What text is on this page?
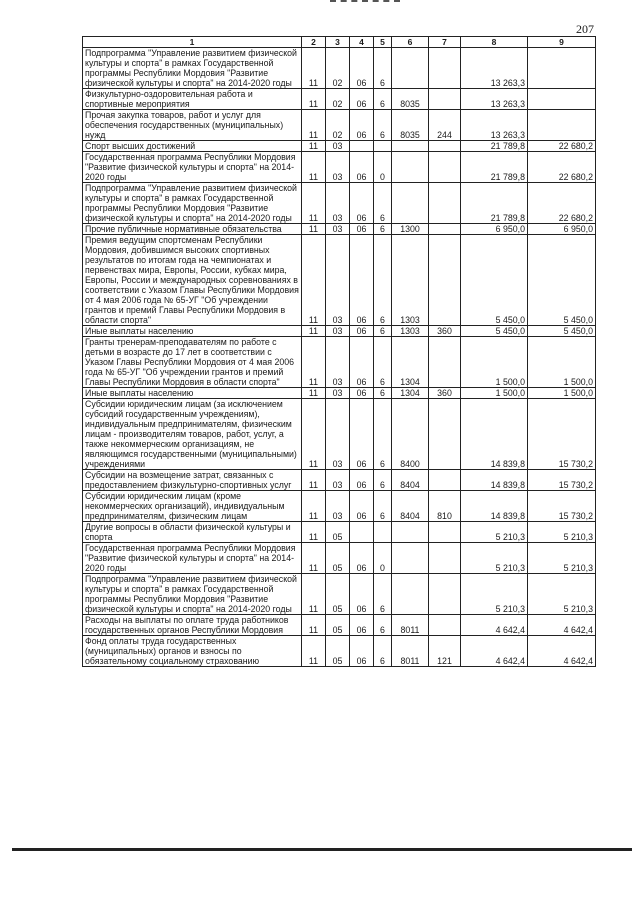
207
1	2	3	4	5	6	7	8	9
Подпрограмма "Управление развитием физической культуры и спорта" в рамках Государственной программы Республики Мордовия "Развитие физической культуры и спорта" на 2014-2020 годы	11	02	06	6			13 263,3	
Физкультурно-оздоровительная работа и спортивные мероприятия	11	02	06	6	8035		13 263,3	
Прочая закупка товаров, работ и услуг для обеспечения государственных (муниципальных) нужд	11	02	06	6	8035	244	13 263,3	
Спорт высших достижений	11	03					21 789,8	22 680,2
Государственная программа Республики Мордовия "Развитие физической культуры и спорта" на 2014-2020 годы	11	03	06	0			21 789,8	22 680,2
Подпрограмма "Управление развитием физической культуры и спорта" в рамках Государственной программы Республики Мордовия "Развитие физической культуры и спорта" на 2014-2020 годы	11	03	06	6			21 789,8	22 680,2
Прочие публичные нормативные обязательства	11	03	06	6	1300		6 950,0	6 950,0
Премия ведущим спортсменам Республики Мордовия, добившимся высоких спортивных результатов по итогам года на чемпионатах и первенствах мира, Европы, России, кубках мира, Европы, России и международных соревнованиях в соответствии с Указом Главы Республики Мордовия от 4 мая 2006 года № 65-УГ "Об учреждении грантов и премий Главы Республики Мордовия в области спорта"	11	03	06	6	1303		5 450,0	5 450,0
Иные выплаты населению	11	03	06	6	1303	360	5 450,0	5 450,0
Гранты тренерам-преподавателям по работе с детьми в возрасте до 17 лет в соответствии с Указом Главы Республики Мордовия от 4 мая 2006 года № 65-УГ "Об учреждении грантов и премий Главы Республики Мордовия в области спорта"	11	03	06	6	1304		1 500,0	1 500,0
Иные выплаты населению	11	03	06	6	1304	360	1 500,0	1 500,0
Субсидии юридическим лицам (за исключением субсидий государственным учреждениям), индивидуальным предпринимателям, физическим лицам - производителям товаров, работ, услуг, а также некоммерческим организациям, не являющимся государственными (муниципальными) учреждениями	11	03	06	6	8400		14 839,8	15 730,2
Субсидии на возмещение затрат, связанных с предоставлением физкультурно-спортивных услуг	11	03	06	6	8404		14 839,8	15 730,2
Субсидии юридическим лицам (кроме некоммерческих организаций), индивидуальным предпринимателям, физическим лицам	11	03	06	6	8404	810	14 839,8	15 730,2
Другие вопросы в области физической культуры и спорта	11	05					5 210,3	5 210,3
Государственная программа Республики Мордовия "Развитие физической культуры и спорта" на 2014-2020 годы	11	05	06	0			5 210,3	5 210,3
Подпрограмма "Управление развитием физической культуры и спорта" в рамках Государственной программы Республики Мордовия "Развитие физической культуры и спорта" на 2014-2020 годы	11	05	06	6			5 210,3	5 210,3
Расходы на выплаты по оплате труда работников государственных органов Республики Мордовия	11	05	06	6	8011		4 642,4	4 642,4
Фонд оплаты труда государственных (муниципальных) органов и взносы по обязательному социальному страхованию	11	05	06	6	8011	121	4 642,4	4 642,4
